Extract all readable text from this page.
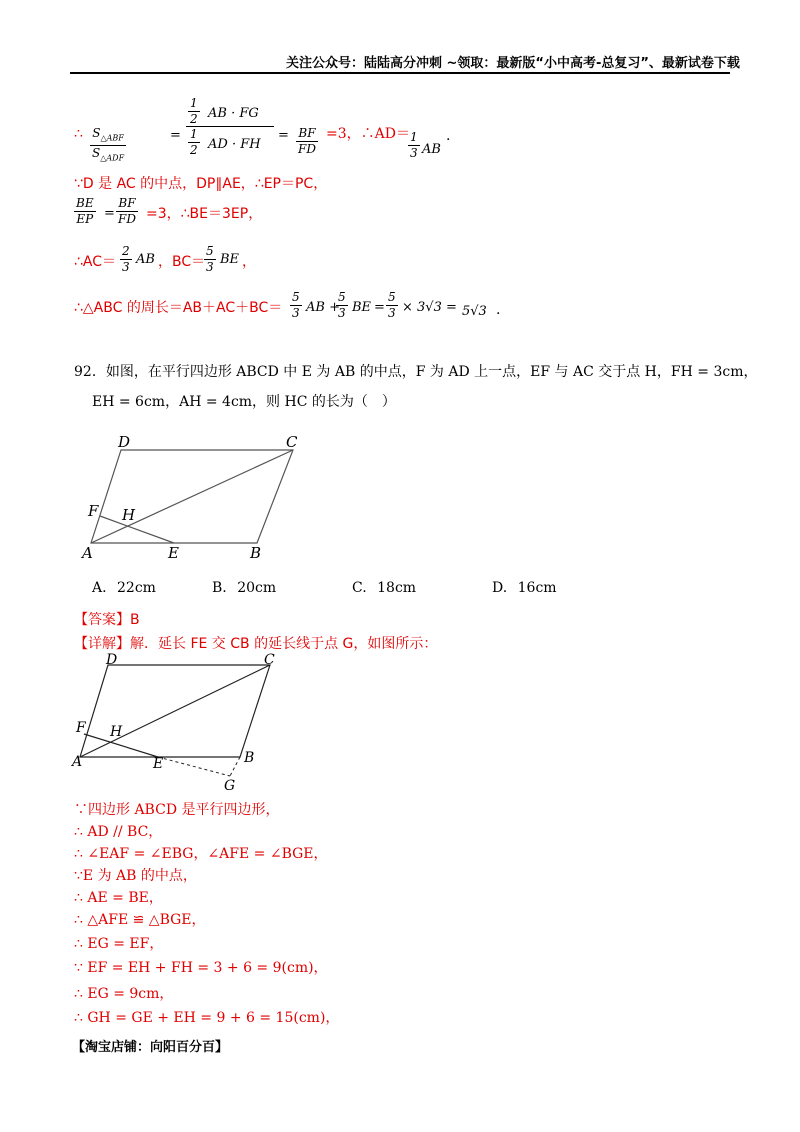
关注公众号：陆陆高分冲刺 ~领取：最新版“小中高考-总复习”、最新试卷下载
∴ $S_{\triangle ABF}$
$S_{\triangle ADF}$
=
$\frac{1}{2}$ AB · FG
$\frac{1}{2}$ AD · FH
= $\frac{BF}{FD} =3$，∴AD＝
$\frac{1}{3}$ AB
.
∵D 是 AC 的中点，DP∥AE，∴EP＝PC，
$\frac{BE}{EP} = \frac{BF}{FD} =3$，∴BE＝3EP，
∴AC＝ $\frac{2}{3}$ AB ，BC＝
$\frac{5}{3}$ BE ，
∴△ABC 的周长$=AB+AC+BC= \frac{5}{3}$ AB +
$\frac{5}{3}$ BE = $\frac{5}{3} \times 3√3 = 5√3$ .
92．如图，在平行四边形 ABCD 中 E 为 AB 的中点，F 为 AD 上一点，EF 与 AC 交于点 H，FH = 3cm，
EH = 6cm，AH = 4cm，则 HC 的长为（　）
D	C
F H
A	E	B
A. 22cm	B. 20cm	C. 18cm	D. 16cm
【答案】B
【详解】解．延长 FE 交 CB 的延长线于点 G，如图所示：
D	C
F H
A	E	B
G
∵四边形 ABCD 是平行四边形，
∴ AD // BC，
∴ ∠EAF = ∠EBG，∠AFE = ∠BGE，
∵E 为 AB 的中点，
∴ AE = BE，
∴ △AFE ≌ △BGE，
∴ EG = EF，
∵ EF = EH + FH = 3 + 6 = 9(cm)，
∴ EG = 9cm，
∴ GH = GE + EH = 9 + 6 = 15(cm)，
【淘宝店铺：向阳百分百】
